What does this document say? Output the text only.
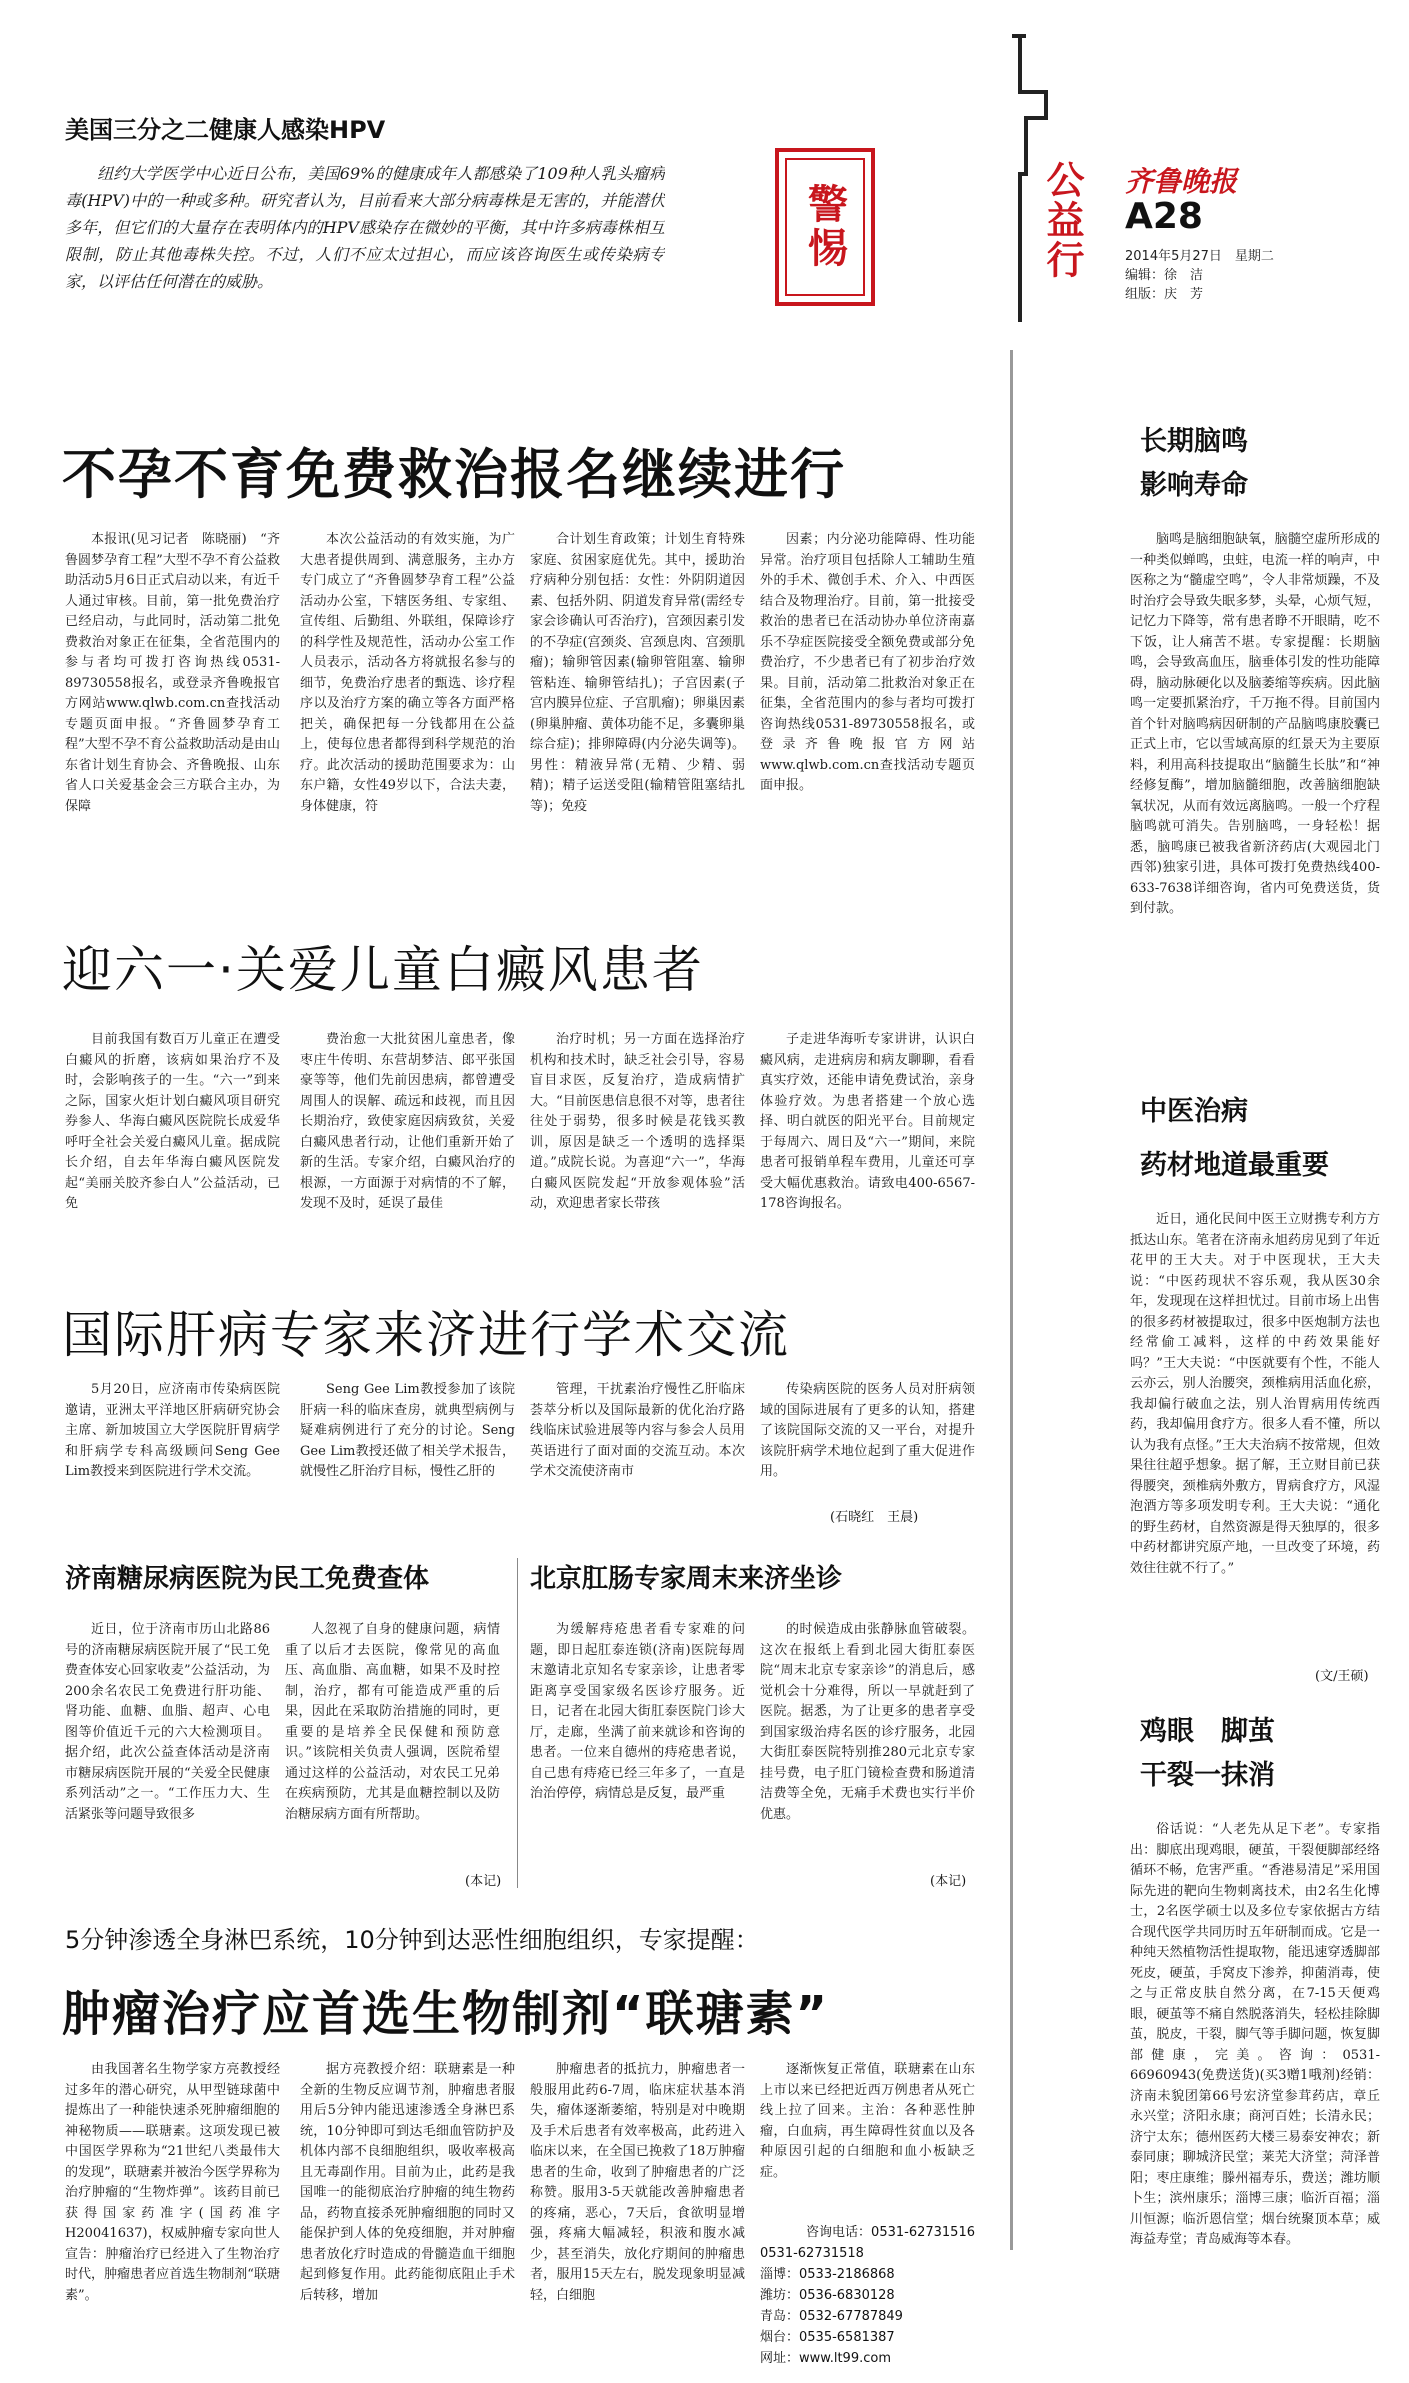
公益行 齐鲁晚报
A28
2014年5月27日　星期二
编辑：徐　洁
组版：庆　芳
美国三分之二健康人感染HPV
纽约大学医学中心近日公布，美国69%的健康成年人都感染了109种人乳头瘤病毒(HPV)中的一种或多种。研究者认为，目前看来大部分病毒株是无害的，并能潜伏多年，但它们的大量存在表明体内的HPV感染存在微妙的平衡，其中许多病毒株相互限制，防止其他毒株失控。不过，人们不应太过担心，而应该咨询医生或传染病专家，以评估任何潜在的威胁。
警惕
不孕不育免费救治报名继续进行
本报讯(见习记者　陈晓丽)　“齐鲁圆梦孕育工程”大型不孕不育公益救助活动5月6日正式启动以来，有近千人通过审核。目前，第一批免费治疗已经启动，与此同时，活动第二批免费救治对象正在征集，全省范围内的参与者均可拨打咨询热线0531-89730558报名，或登录齐鲁晚报官方网站www.qlwb.com.cn查找活动专题页面申报。“齐鲁圆梦孕育工程”大型不孕不育公益救助活动是由山东省计划生育协会、齐鲁晚报、山东省人口关爱基金会三方联合主办，为保障
本次公益活动的有效实施，为广大患者提供周到、满意服务，主办方专门成立了“齐鲁圆梦孕育工程”公益活动办公室，下辖医务组、专家组、宣传组、后勤组、外联组，保障诊疗的科学性及规范性，活动办公室工作人员表示，活动各方将就报名参与的细节，免费治疗患者的甄选、诊疗程序以及治疗方案的确立等各方面严格把关，确保把每一分钱都用在公益上，使每位患者都得到科学规范的治疗。此次活动的援助范围要求为：山东户籍，女性49岁以下，合法夫妻，身体健康，符
合计划生育政策；计划生育特殊家庭、贫困家庭优先。其中，援助治疗病种分别包括：女性：外阴阴道因素、包括外阴、阴道发育异常(需经专家会诊确认可否治疗)，宫颈因素引发的不孕症(宫颈炎、宫颈息肉、宫颈肌瘤)；输卵管因素(输卵管阻塞、输卵管粘连、输卵管结扎)；子宫因素(子宫内膜异位症、子宫肌瘤)；卵巢因素(卵巢肿瘤、黄体功能不足，多囊卵巢综合症)；排卵障碍(内分泌失调等)。男性：精液异常(无精、少精、弱精)；精子运送受阻(输精管阻塞结扎等)；免疫
因素；内分泌功能障碍、性功能异常。治疗项目包括除人工辅助生殖外的手术、微创手术、介入、中西医结合及物理治疗。目前，第一批接受救治的患者已在活动协办单位济南嘉乐不孕症医院接受全额免费或部分免费治疗，不少患者已有了初步治疗效果。目前，活动第二批救治对象正在征集，全省范围内的参与者均可拨打咨询热线0531-89730558报名，或登录齐鲁晚报官方网站www.qlwb.com.cn查找活动专题页面申报。
迎六一·关爱儿童白癜风患者
目前我国有数百万儿童正在遭受白癜风的折磨，该病如果治疗不及时，会影响孩子的一生。“六一”到来之际，国家火炬计划白癜风项目研究券参人、华海白癜风医院院长成爱华呼吁全社会关爱白癜风儿童。据成院长介绍，自去年华海白癜风医院发起“美丽关胶齐参白人”公益活动，已免
费治愈一大批贫困儿童患者，像枣庄牛传明、东营胡梦洁、郎平张国豪等等，他们先前因患病，都曾遭受周围人的误解、疏远和歧视，而且因长期治疗，致使家庭因病致贫，关爱白癜风患者行动，让他们重新开始了新的生活。专家介绍，白癜风治疗的根源，一方面源于对病情的不了解，发现不及时，延误了最佳
治疗时机；另一方面在选择治疗机构和技术时，缺乏社会引导，容易盲目求医，反复治疗，造成病情扩大。“目前医患信息很不对等，患者往往处于弱势，很多时候是花钱买教训，原因是缺乏一个透明的选择渠道。”成院长说。为喜迎“六一”，华海白癜风医院发起“开放参观体验”活动，欢迎患者家长带孩
子走进华海听专家讲讲，认识白癜风病，走进病房和病友聊聊，看看真实疗效，还能申请免费试治，亲身体验疗效。为患者搭建一个放心选择、明白就医的阳光平台。目前规定于每周六、周日及“六一”期间，来院患者可报销单程车费用，儿童还可享受大幅优惠救治。请致电400-6567-178咨询报名。
国际肝病专家来济进行学术交流
5月20日，应济南市传染病医院邀请，亚洲太平洋地区肝病研究协会主席、新加坡国立大学医院肝胃病学和肝病学专科高级顾问Seng Gee Lim教授来到医院进行学术交流。
Seng Gee Lim教授参加了该院肝病一科的临床查房，就典型病例与疑难病例进行了充分的讨论。Seng Gee Lim教授还做了相关学术报告，就慢性乙肝治疗目标，慢性乙肝的
管理，干扰素治疗慢性乙肝临床荟萃分析以及国际最新的优化治疗路线临床试验进展等内容与参会人员用英语进行了面对面的交流互动。本次学术交流使济南市
传染病医院的医务人员对肝病领域的国际进展有了更多的认知，搭建了该院国际交流的又一平台，对提升该院肝病学术地位起到了重大促进作用。
(石晓红　王晨)
济南糖尿病医院为民工免费查体	北京肛肠专家周末来济坐诊
近日，位于济南市历山北路86号的济南糖尿病医院开展了“民工免费查体安心回家收麦”公益活动，为200余名农民工免费进行肝功能、肾功能、血糖、血脂、超声、心电图等价值近千元的六大检测项目。据介绍，此次公益查体活动是济南市糖尿病医院开展的“关爱全民健康系列活动”之一。“工作压力大、生活紧张等问题导致很多
人忽视了自身的健康问题，病情重了以后才去医院，像常见的高血压、高血脂、高血糖，如果不及时控制，治疗，都有可能造成严重的后果，因此在采取防治措施的同时，更重要的是培养全民保健和预防意识。”该院相关负责人强调，医院希望通过这样的公益活动，对农民工兄弟在疾病预防，尤其是血糖控制以及防治糖尿病方面有所帮助。
(本记)
为缓解痔疮患者看专家难的问题，即日起肛泰连锁(济南)医院每周末邀请北京知名专家亲诊，让患者零距离享受国家级名医诊疗服务。近日，记者在北园大街肛泰医院门诊大厅，走廊，坐满了前来就诊和咨询的患者。一位来自德州的痔疮患者说，自己患有痔疮已经三年多了，一直是治治停停，病情总是反复，最严重
的时候造成由张静脉血管破裂。这次在报纸上看到北园大街肛泰医院“周末北京专家亲诊”的消息后，感觉机会十分难得，所以一早就赶到了医院。据悉，为了让更多的患者享受到国家级治痔名医的诊疗服务，北园大街肛泰医院特别推280元北京专家挂号费，电子肛门镜检查费和肠道清洁费等全免，无痛手术费也实行半价优惠。
(本记)
5分钟渗透全身淋巴系统，10分钟到达恶性细胞组织，专家提醒：
肿瘤治疗应首选生物制剂“联瑭素”
由我国著名生物学家方亮教授经过多年的潜心研究，从甲型链球菌中提炼出了一种能快速杀死肿瘤细胞的神秘物质——联瑭素。这项发现已被中国医学界称为“21世纪八类最伟大的发现”，联瑭素并被治今医学界称为治疗肿瘤的“生物炸弹”。该药目前已获得国家药准字(国药准字H20041637)，权威肿瘤专家向世人宣告：肿瘤治疗已经进入了生物治疗时代，肿瘤患者应首选生物制剂“联瑭素”。
据方亮教授介绍：联瑭素是一种全新的生物反应调节剂，肿瘤患者服用后5分钟内能迅速渗透全身淋巴系统，10分钟即可到达毛细血管防护及机体内部不良细胞组织，吸收率极高且无毒副作用。目前为止，此药是我国唯一的能彻底治疗肿瘤的纯生物药品，药物直接杀死肿瘤细胞的同时又能保护到人体的免疫细胞，并对肿瘤患者放化疗时造成的骨髓造血干细胞起到修复作用。此药能彻底阻止手术后转移，增加
肿瘤患者的抵抗力，肿瘤患者一般服用此药6-7周，临床症状基本消失，瘤体逐渐萎缩，特别是对中晚期及手术后患者有效率极高，此药进入临床以来，在全国已挽救了18万肿瘤患者的生命，收到了肿瘤患者的广泛称赞。服用3-5天就能改善肿瘤患者的疼痛，恶心，7天后，食欲明显增强，疼痛大幅减轻，积液和腹水减少，甚至消失，放化疗期间的肿瘤患者，服用15天左右，脱发现象明显减轻，白细胞
逐渐恢复正常值，联瑭素在山东上市以来已经把近西万例患者从死亡线上拉了回来。主治：各种恶性肿瘤，白血病，再生障碍性贫血以及各种原因引起的白细胞和血小板缺乏症。
咨询电话：0531-62731516
0531-62731518
淄博：0533-2186868
潍坊：0536-6830128
青岛：0532-67787849
烟台：0535-6581387
网址：www.lt99.com
长期脑鸣
影响寿命
脑鸣是脑细胞缺氧，脑髓空虚所形成的一种类似蝉鸣，虫蛀，电流一样的响声，中医称之为“髓虚空鸣”，令人非常烦躁，不及时治疗会导致失眠多梦，头晕，心烦气短，记忆力下降等，常有患者睁不开眼睛，吃不下饭，让人痛苦不堪。专家提醒：长期脑鸣，会导致高血压，脑垂体引发的性功能障碍，脑动脉硬化以及脑萎缩等疾病。因此脑鸣一定要抓紧治疗，千万拖不得。目前国内首个针对脑鸣病因研制的产品脑鸣康胶囊已正式上市，它以雪域高原的红景天为主要原料，利用高科技提取出“脑髓生长肽”和“神经修复酶”，增加脑髓细胞，改善脑细胞缺氧状况，从而有效远离脑鸣。一般一个疗程脑鸣就可消失。告别脑鸣，一身轻松！据悉，脑鸣康已被我省新济药店(大观园北门西邻)独家引进，具体可拨打免费热线400-633-7638详细咨询，省内可免费送货，货到付款。
中医治病
药材地道最重要
近日，通化民间中医王立财携专利方方抵达山东。笔者在济南永旭药房见到了年近花甲的王大夫。对于中医现状，王大夫说：“中医药现状不容乐观，我从医30余年，发现现在这样担忧过。目前市场上出售的很多药材被提取过，很多中医炮制方法也经常偷工减料，这样的中药效果能好吗？”王大夫说：“中医就要有个性，不能人云亦云，别人治腰突，颈椎病用活血化瘀，我却偏行破血之法，别人治胃病用传统西药，我却偏用食疗方。很多人看不懂，所以认为我有点怪。”王大夫治病不按常规，但效果往往超乎想象。据了解，王立财目前已获得腰突，颈椎病外敷方，胃病食疗方，风湿泡酒方等多项发明专利。王大夫说：“通化的野生药材，自然资源是得天独厚的，很多中药材都讲究原产地，一旦改变了环境，药效往往就不行了。”
(文/王硕)
鸡眼　脚茧
干裂一抹消
俗话说：“人老先从足下老”。专家指出：脚底出现鸡眼，硬茧，干裂便脚部经络循环不畅，危害严重。“香港易清足”采用国际先进的靶向生物刺离技术，由2名生化博士，2名医学硕士以及多位专家依据古方结合现代医学共同历时五年研制而成。它是一种纯天然植物活性提取物，能迅速穿透脚部死皮，硬茧，手窝皮下渗养，抑菌消毒，使之与正常皮肤自然分离，在7-15天便鸡眼，硬茧等不痛自然脱落消失，轻松挂除脚茧，脱皮，干裂，脚气等手脚问题，恢复脚部健康，完美。咨询：0531-66960943(免费送货)(买3赠1哦剂)经销：济南未貌团第66号宏济堂参茸药店，章丘永兴堂；济阳永康；商河百姓；长清永民；济宁太东；德州医药大楼三易泰安神农；新泰同康；聊城济民堂；莱芜大济堂；菏泽普阳；枣庄康维；滕州福寿乐，费送；潍坊顺卜生；滨州康乐；淄博三康；临沂百福；淄川恒源；临沂恩信堂；烟台统聚顶本草；威海益寿堂；青岛威海等本春。
